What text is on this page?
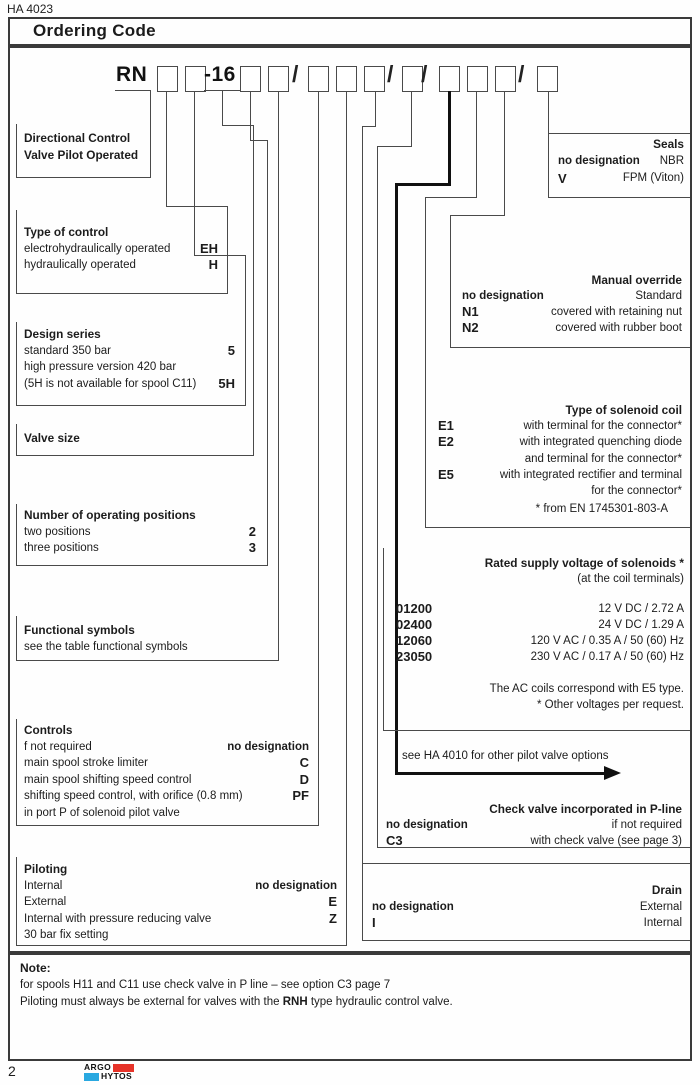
HA 4023
Ordering Code
RN	-16 /	/ /	/
Directional Control
Valve Pilot Operated
Type of control
electrohydraulically operated EH
hydraulically operated	H
Design series
standard 350 bar	5
high pressure version 420 bar
(5H is not available for spool C11) 5H
Valve size
Number of operating positions
two positions	2
three positions	3
Functional symbols
see the table functional symbols
Controls
f not required	no designation
main spool stroke limiter	C
main spool shifting speed control	D
shifting speed control, with orifice (0.8 mm)	PF
in port P of solenoid pilot valve
Piloting
Internal	no designation
External	E
Internal with pressure reducing valve	Z
30 bar fix setting
Seals
no designation NBR
V	FPM (Viton)
Manual override
no designation	Standard
N1	covered with retaining nut
N2	covered with rubber boot
Type of solenoid coil
E1	with terminal for the connector*
E2	with integrated quenching diode
and terminal for the connector*
E5	with integrated rectifier and terminal
for the connector*
* from EN 1745301-803-A
Rated supply voltage of solenoids *
(at the coil terminals)
01200	12 V DC / 2.72 A
02400	24 V DC / 1.29 A
12060	120 V AC / 0.35 A / 50 (60) Hz
23050	230 V AC / 0.17 A / 50 (60) Hz
The AC coils correspond with E5 type.
* Other voltages per request.
see HA 4010 for other pilot valve options
Check valve incorporated in P-line
no designation	if not required
C3	with check valve (see page 3)
Drain
no designation	External
I	Internal
Note:
for spools H11 and C11 use check valve in P line – see option C3 page 7
Piloting must always be external for valves with the RNH type hydraulic control valve.
2	ARGO
HYTOS
